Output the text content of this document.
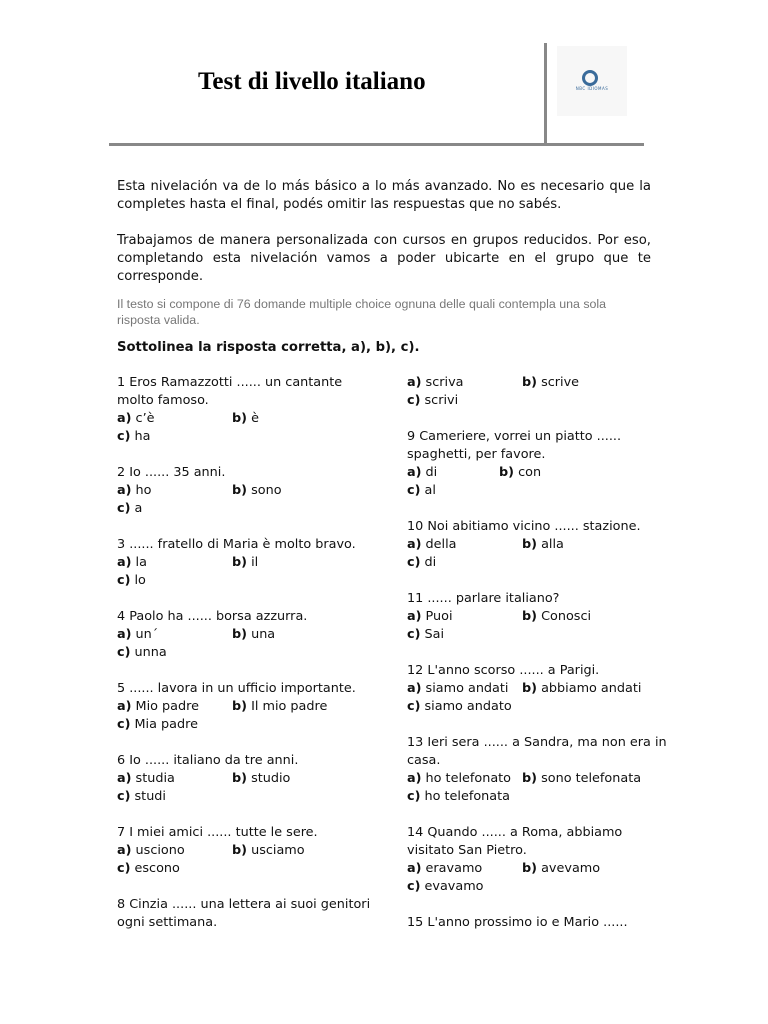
Test di livello italiano	NBC IDIOMAS
Esta nivelación va de lo más básico a lo más avanzado. No es necesario que la completes hasta el final, podés omitir las respuestas que no sabés.
Trabajamos de manera personalizada con cursos en grupos reducidos. Por eso, completando esta nivelación vamos a poder ubicarte en el grupo que te corresponde.
Il testo si compone di 76 domande multiple choice ognuna delle quali contempla una sola risposta valida.
Sottolinea la risposta corretta, a), b), c).
1 Eros Ramazzotti ...... un cantante molto famoso.
a) c’è	b) è
c) ha
2 Io ...... 35 anni.
a) ho	b) sono
c) a
3 ...... fratello di Maria è molto bravo.
a) la	b) il
c) lo
4 Paolo ha ...... borsa azzurra.
a) un´	b) una
c) unna
5 ...... lavora in un ufficio importante.
a) Mio padre	b) Il mio padre
c) Mia padre
6 Io ...... italiano da tre anni.
a) studia	b) studio
c) studi
7 I miei amici ...... tutte le sere.
a) usciono	b) usciamo
c) escono
8 Cinzia ...... una lettera ai suoi genitori ogni settimana.
a) scriva	b) scrive
c) scrivi
9 Cameriere, vorrei un piatto ...... spaghetti, per favore.
a) di	b) con
c) al
10 Noi abitiamo vicino ...... stazione.
a) della	b) alla
c) di
11 ...... parlare italiano?
a) Puoi	b) Conosci
c) Sai
12 L'anno scorso ...... a Parigi.
a) siamo andati b) abbiamo andati
c) siamo andato
13 Ieri sera ...... a Sandra, ma non era in casa.
a) ho telefonato b) sono telefonata
c) ho telefonata
14 Quando ...... a Roma, abbiamo visitato San Pietro.
a) eravamo	b) avevamo
c) evavamo
15 L'anno prossimo io e Mario ......
